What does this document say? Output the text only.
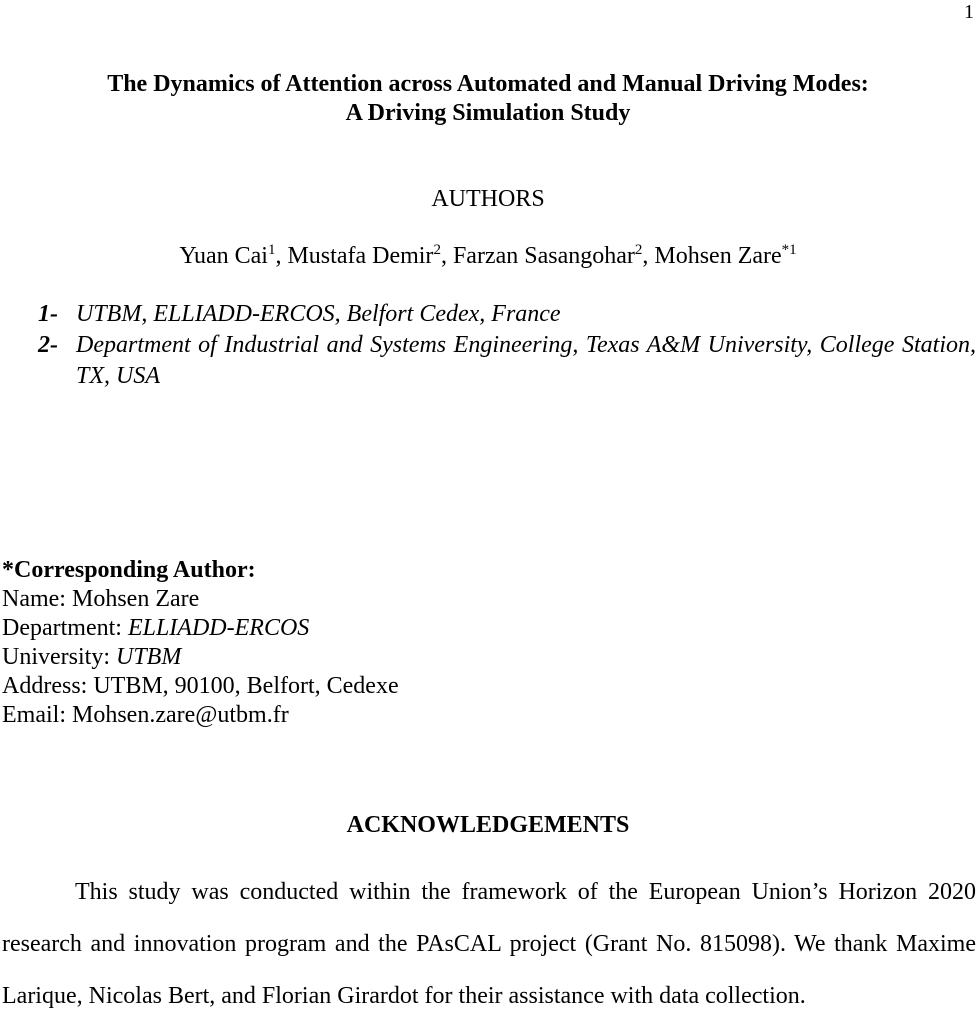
1
The Dynamics of Attention across Automated and Manual Driving Modes:
A Driving Simulation Study
AUTHORS
Yuan Cai$^1$, Mustafa Demir$^2$, Farzan Sasangohar$^2$, Mohsen Zare$^{*1}$
1- UTBM, ELLIADD-ERCOS, Belfort Cedex, France
2- Department of Industrial and Systems Engineering, Texas A&M University, College Station, TX, USA
*Corresponding Author:
Name: Mohsen Zare
Department: ELLIADD-ERCOS
University: UTBM
Address: UTBM, 90100, Belfort, Cedexe
Email: Mohsen.zare@utbm.fr
ACKNOWLEDGEMENTS
This study was conducted within the framework of the European Union’s Horizon 2020 research and innovation program and the PAsCAL project (Grant No. 815098). We thank Maxime Larique, Nicolas Bert, and Florian Girardot for their assistance with data collection.
